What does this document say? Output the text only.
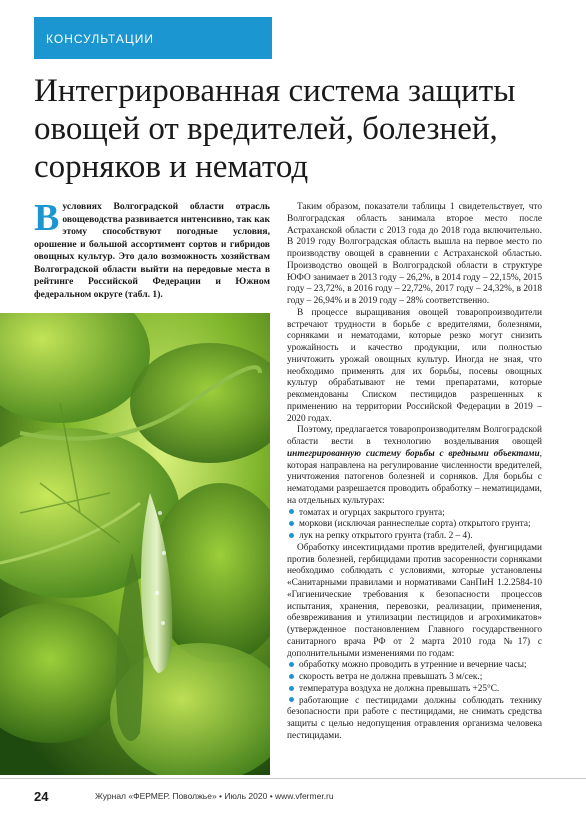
КОНСУЛЬТАЦИИ
Интегрированная система защиты овощей от вредителей, болезней, сорняков и нематод

Вусловиях Волгоградской области отрасль овощеводства развивается интенсивно, так как этому способствуют погодные условия, орошение и большой ассортимент сортов и гибридов овощных культур. Это дало возможность хозяйствам Волгоградской области выйти на передовые места в рейтинге Российской Федерации и Южном федеральном округе (табл. 1).

Таким образом, показатели таблицы 1 свидетельствует, что Волгоградская область занимала второе место после Астраханской области с 2013 года до 2018 года включительно. В 2019 году Волгоградская область вышла на первое место по производству овощей в сравнении с Астраханской областью. Производство овощей в Волгоградской области в структуре ЮФО занимает в 2013 году – 26,2%, в 2014 году – 22,15%, 2015 году – 23,72%, в 2016 году – 22,72%, 2017 году – 24,32%, в 2018 году – 26,94% и в 2019 году – 28% соответственно.

В процессе выращивания овощей товаропроизводители встречают трудности в борьбе с вредителями, болезнями, сорняками и нематодами, которые резко могут снизить урожайность и качество продукции, или полностью уничтожить урожай овощных культур. Иногда не зная, что необходимо применять для их борьбы, посевы овощных культур обрабатывают не теми препаратами, которые рекомендованы Списком пестицидов разрешенных к применению на территории Российской Федерации в 2019 – 2020 годах.

Поэтому, предлагается товаропроизводителям Волгоградской области вести в технологию возделывания овощей интегрированную систему борьбы с вредными объектами, которая направлена на регулирование численности вредителей, уничтожения патогенов болезней и сорняков. Для борьбы с нематодами разрешается проводить обработку – нематицидами, на отдельных культурах:

томатах и огурцах закрытого грунта;

моркови (исключая раннеспелые сорта) открытого грунта;

лук на репку открытого грунта (табл. 2 – 4).

Обработку инсектицидами против вредителей, фунгицидами против болезней, гербицидами против засоренности сорняками необходимо соблюдать с условиями, которые установлены «Санитарными правилами и нормативами СанПиН 1.2.2584-10 «Гигиенические требования к безопасности процессов испытания, хранения, перевозки, реализации, применения, обезвреживания и утилизации пестицидов и агрохимикатов» (утвержденное постановлением Главного государственного санитарного врача РФ от 2 марта 2010 года №17) с дополнительными изменениями по годам:

обработку можно проводить в утренние и вечерние часы;

скорость ветра не должна превышать 3 м/сек.;

температура воздуха не должна превышать +25°С.

работающие с пестицидами должны соблюдать технику безопасности при работе с пестицидами, не снимать средства защиты с целью недопущения отравления организма человека пестицидами.

24	Журнал «ФЕРМЕР. Поволжье» • Июль 2020 • www.vfermer.ru
